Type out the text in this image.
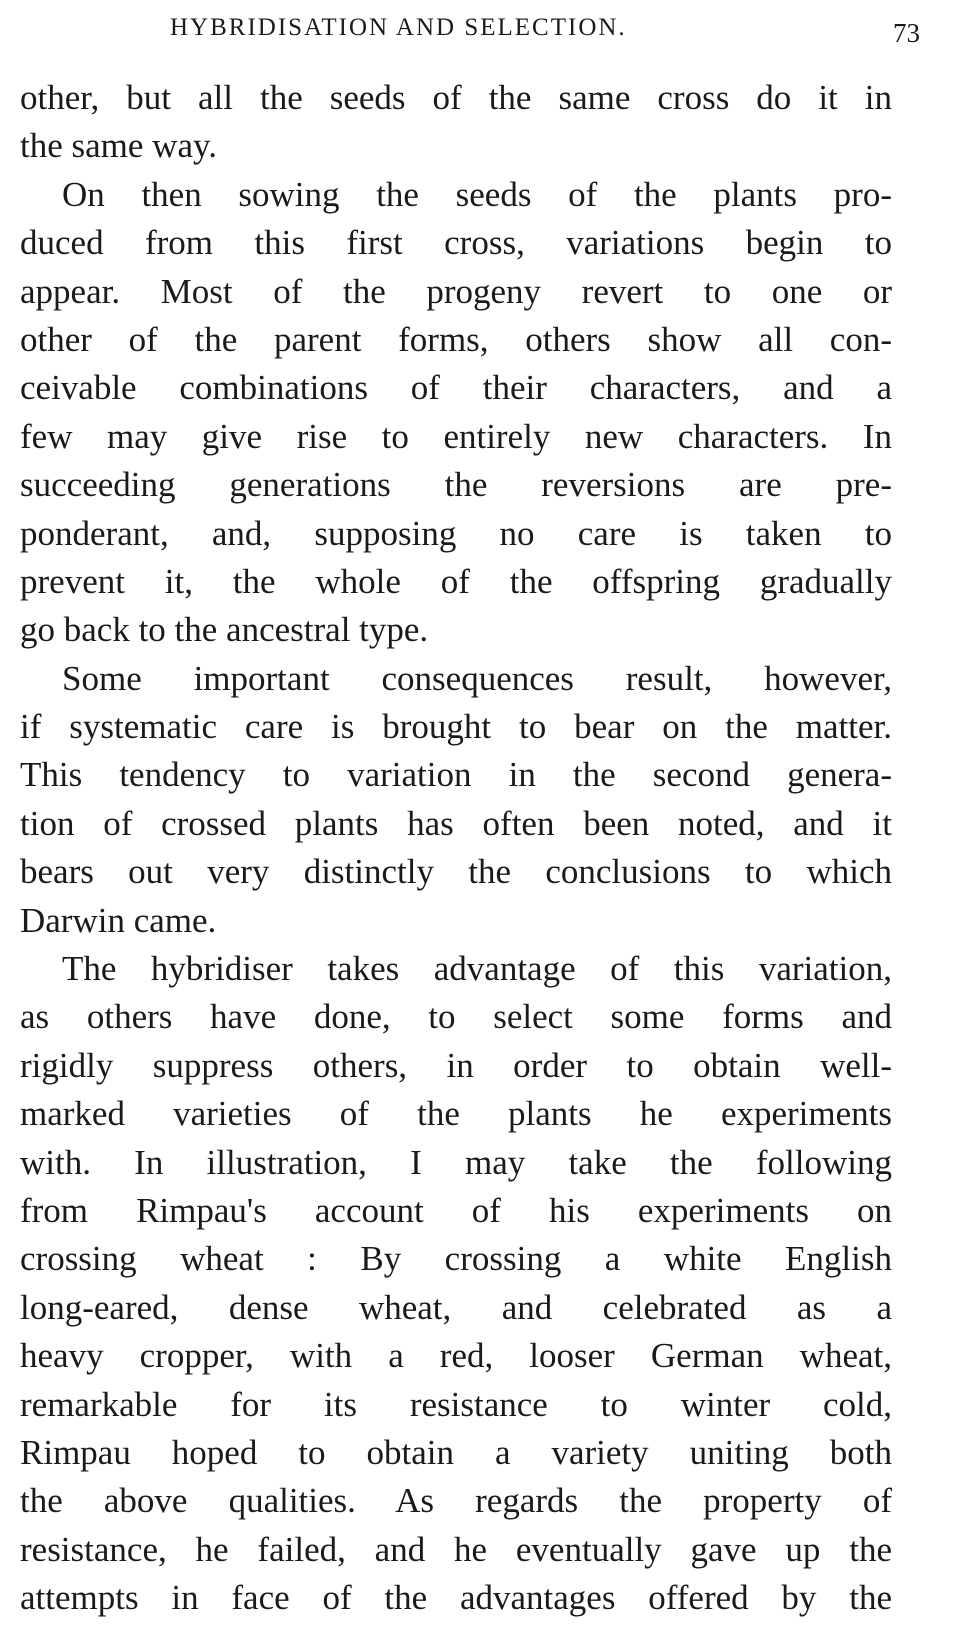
HYBRIDISATION AND SELECTION.	73
other, but all the seeds of the same cross do it in
the same way.
On then sowing the seeds of the plants pro-
duced from this first cross, variations begin to
appear. Most of the progeny revert to one or
other of the parent forms, others show all con-
ceivable combinations of their characters, and a
few may give rise to entirely new characters. In
succeeding generations the reversions are pre-
ponderant, and, supposing no care is taken to
prevent it, the whole of the offspring gradually
go back to the ancestral type.
Some important consequences result, however,
if systematic care is brought to bear on the matter.
This tendency to variation in the second genera-
tion of crossed plants has often been noted, and it
bears out very distinctly the conclusions to which
Darwin came.
The hybridiser takes advantage of this variation,
as others have done, to select some forms and
rigidly suppress others, in order to obtain well-
marked varieties of the plants he experiments
with. In illustration, I may take the following
from Rimpau's account of his experiments on
crossing wheat : By crossing a white English
long-eared, dense wheat, and celebrated as a
heavy cropper, with a red, looser German wheat,
remarkable for its resistance to winter cold,
Rimpau hoped to obtain a variety uniting both
the above qualities. As regards the property of
resistance, he failed, and he eventually gave up the
attempts in face of the advantages offered by the
